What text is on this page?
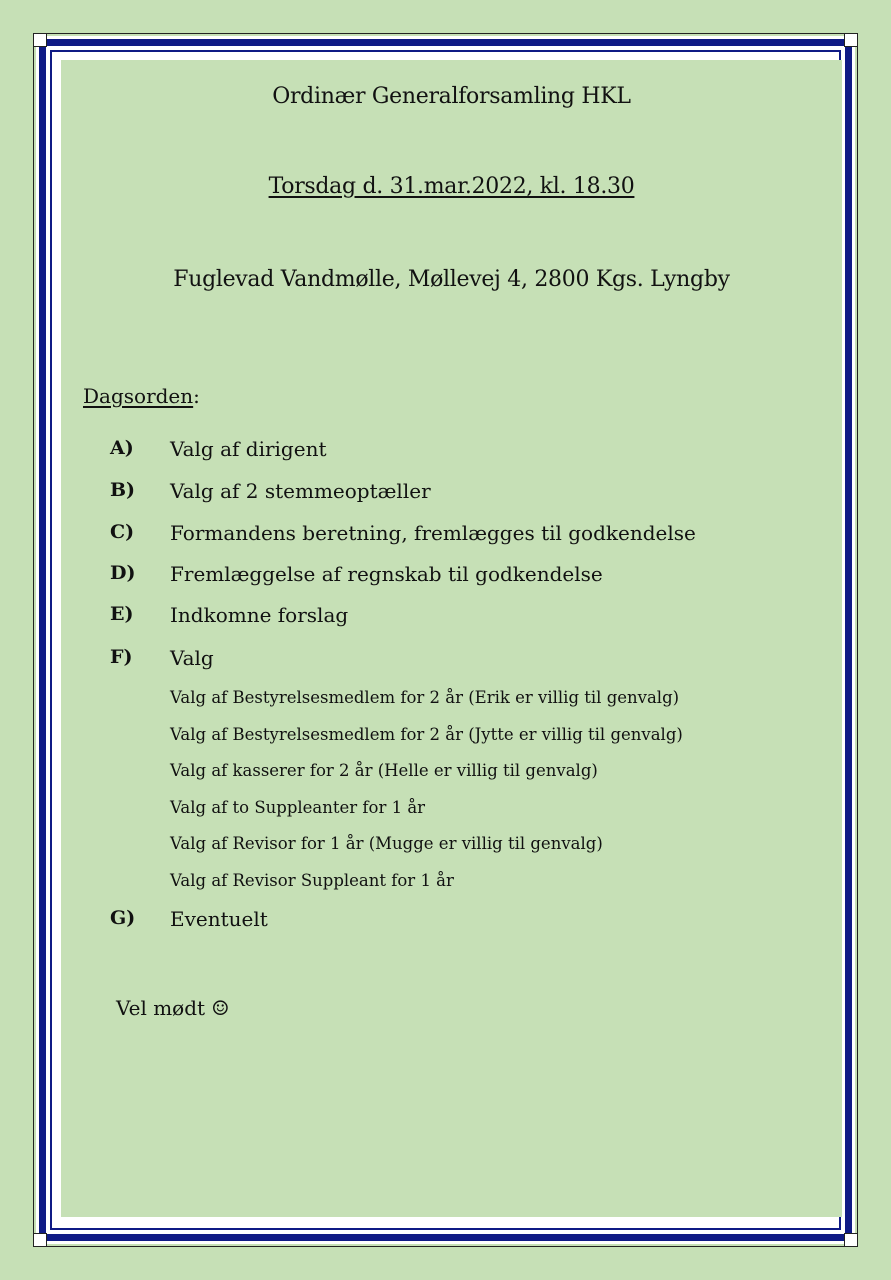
Ordinær Generalforsamling HKL
Torsdag d. 31.mar.2022, kl. 18.30
Fuglevad Vandmølle, Møllevej 4, 2800 Kgs. Lyngby
Dagsorden:
A) Valg af dirigent
B) Valg af 2 stemmeoptæller
C) Formandens beretning, fremlægges til godkendelse
D) Fremlæggelse af regnskab til godkendelse
E) Indkomne forslag
F) Valg
Valg af Bestyrelsesmedlem for 2 år (Erik er villig til genvalg)
Valg af Bestyrelsesmedlem for 2 år (Jytte er villig til genvalg)
Valg af kasserer for 2 år (Helle er villig til genvalg)
Valg af to Suppleanter for 1 år
Valg af Revisor for 1 år (Mugge er villig til genvalg)
Valg af Revisor Suppleant for 1 år
G) Eventuelt
Vel mødt ☺
